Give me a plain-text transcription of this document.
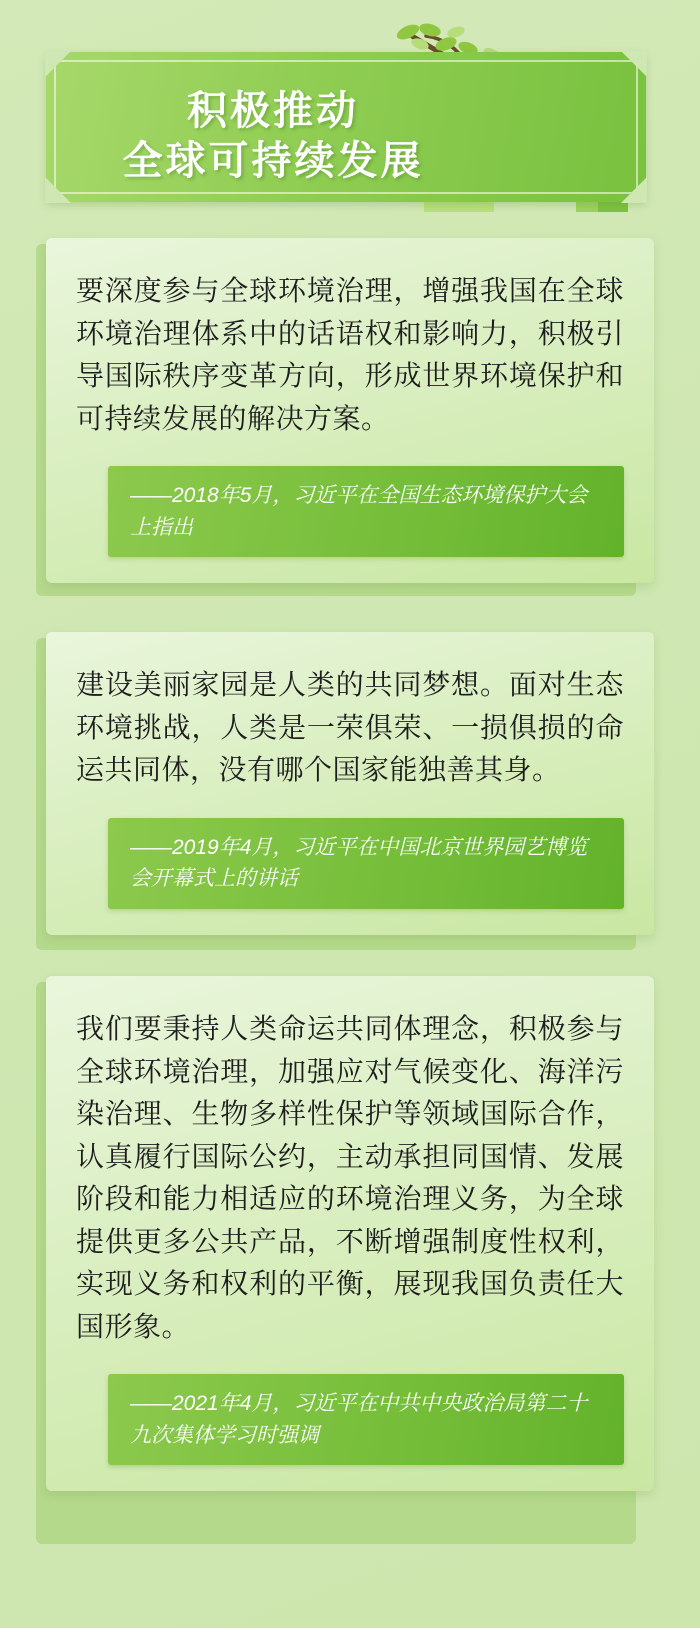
积极推动
全球可持续发展
要深度参与全球环境治理，增强我国在全球环境治理体系中的话语权和影响力，积极引导国际秩序变革方向，形成世界环境保护和可持续发展的解决方案。
——2018年5月，习近平在全国生态环境保护大会上指出
建设美丽家园是人类的共同梦想。面对生态环境挑战，人类是一荣俱荣、一损俱损的命运共同体，没有哪个国家能独善其身。
——2019年4月，习近平在中国北京世界园艺博览会开幕式上的讲话
我们要秉持人类命运共同体理念，积极参与全球环境治理，加强应对气候变化、海洋污染治理、生物多样性保护等领域国际合作，认真履行国际公约，主动承担同国情、发展阶段和能力相适应的环境治理义务，为全球提供更多公共产品，不断增强制度性权利，实现义务和权利的平衡，展现我国负责任大国形象。
——2021年4月，习近平在中共中央政治局第二十九次集体学习时强调
